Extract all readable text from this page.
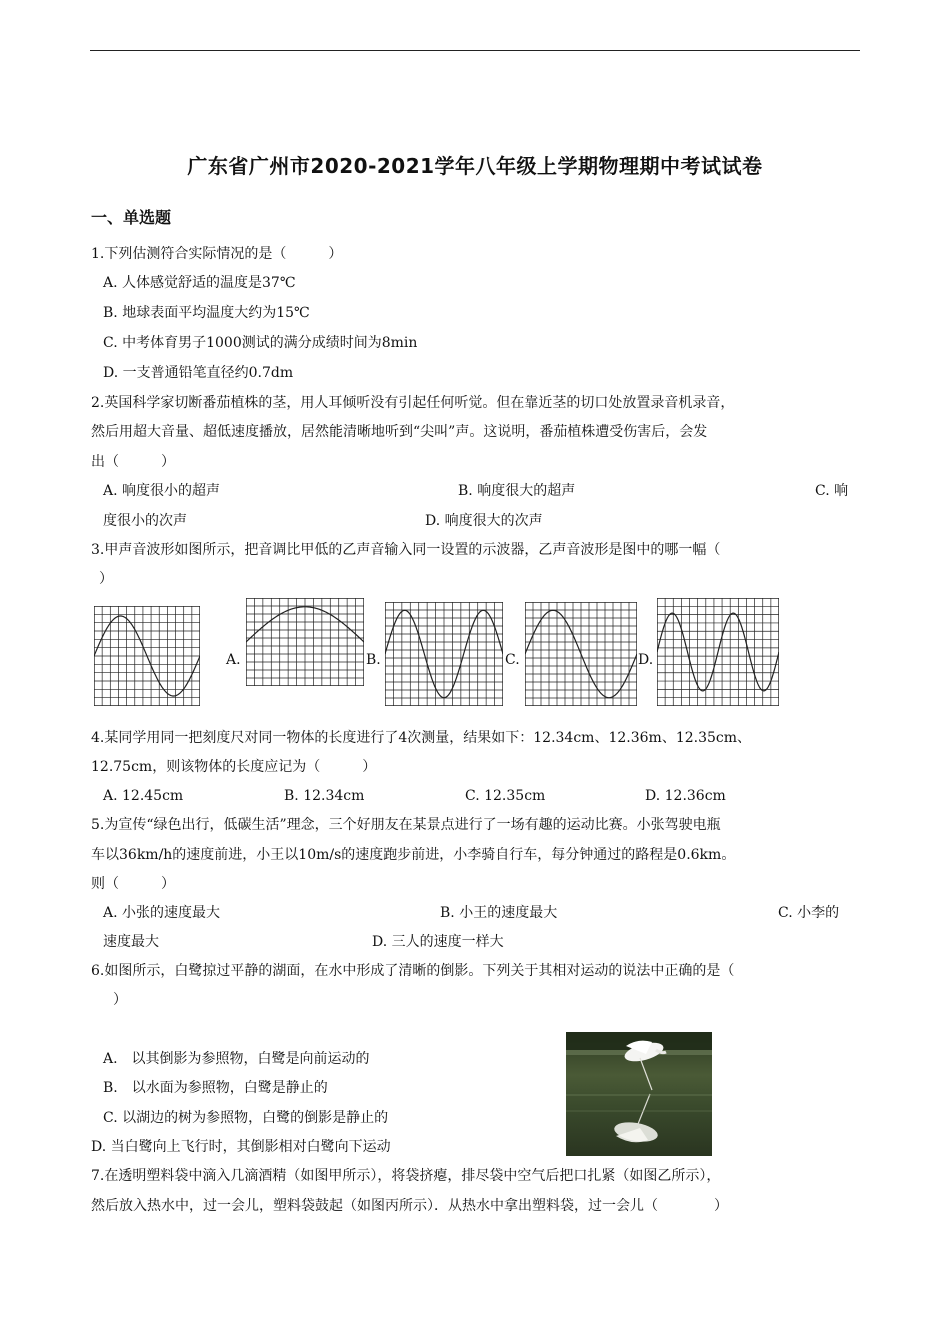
广东省广州市2020-2021学年八年级上学期物理期中考试试卷
一、单选题
1.下列估测符合实际情况的是（　　　）
A. 人体感觉舒适的温度是37℃
B. 地球表面平均温度大约为15℃
C. 中考体育男子1000测试的满分成绩时间为8min
D. 一支普通铅笔直径约0.7dm
2.英国科学家切断番茄植株的茎，用人耳倾听没有引起任何听觉。但在靠近茎的切口处放置录音机录音，
然后用超大音量、超低速度播放，居然能清晰地听到“尖叫”声。这说明，番茄植株遭受伤害后，会发
出（　　　）
A. 响度很小的超声	B. 响度很大的超声	C. 响
度很小的次声	D. 响度很大的次声
3.甲声音波形如图所示，把音调比甲低的乙声音输入同一设置的示波器，乙声音波形是图中的哪一幅（
）
A.	B.	C.	D.
4.某同学用同一把刻度尺对同一物体的长度进行了4次测量，结果如下：12.34cm、12.36m、12.35cm、
12.75cm，则该物体的长度应记为（　　　）
A. 12.45cm	B. 12.34cm	C. 12.35cm	D. 12.36cm
5.为宣传“绿色出行，低碳生活”理念，三个好朋友在某景点进行了一场有趣的运动比赛。小张驾驶电瓶
车以36km/h的速度前进，小王以10m/s的速度跑步前进，小李骑自行车，每分钟通过的路程是0.6km。
则（　　　）
A. 小张的速度最大	B. 小王的速度最大	C. 小李的
速度最大	D. 三人的速度一样大
6.如图所示，白鹭掠过平静的湖面，在水中形成了清晰的倒影。下列关于其相对运动的说法中正确的是（
）
A.　以其倒影为参照物，白鹭是向前运动的
B.　以水面为参照物，白鹭是静止的
C. 以湖边的树为参照物，白鹭的倒影是静止的
D. 当白鹭向上飞行时，其倒影相对白鹭向下运动
7.在透明塑料袋中滴入几滴酒精（如图甲所示），将袋挤瘪，排尽袋中空气后把口扎紧（如图乙所示），
然后放入热水中，过一会儿，塑料袋鼓起（如图丙所示）．从热水中拿出塑料袋，过一会儿（　　　　）
